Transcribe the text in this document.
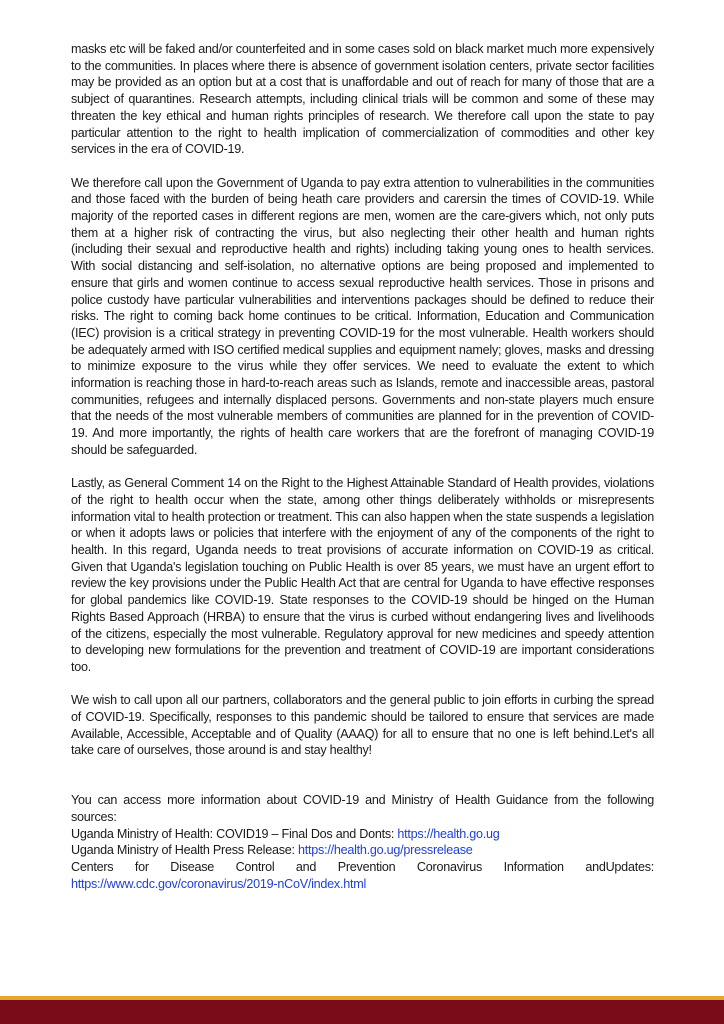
masks etc will be faked and/or counterfeited and in some cases sold on black market much more expensively to the communities. In places where there is absence of government isolation centers, private sector facilities may be provided as an option but at a cost that is unaffordable and out of reach for many of those that are a subject of quarantines. Research attempts, including clinical trials will be common and some of these may threaten the key ethical and human rights principles of research. We therefore call upon the state to pay particular attention to the right to health implication of commercialization of commodities and other key services in the era of COVID-19.

We therefore call upon the Government of Uganda to pay extra attention to vulnerabilities in the communities and those faced with the burden of being heath care providers and carersin the times of COVID-19. While majority of the reported cases in different regions are men, women are the care-givers which, not only puts them at a higher risk of contracting the virus, but also neglecting their other health and human rights (including their sexual and reproductive health and rights) including taking young ones to health services. With social distancing and self-isolation, no alternative options are being proposed and implemented to ensure that girls and women continue to access sexual reproductive health services. Those in prisons and police custody have particular vulnerabilities and interventions packages should be defined to reduce their risks. The right to coming back home continues to be critical. Information, Education and Communication (IEC) provision is a critical strategy in preventing COVID-19 for the most vulnerable. Health workers should be adequately armed with ISO certified medical supplies and equipment namely; gloves, masks and dressing to minimize exposure to the virus while they offer services. We need to evaluate the extent to which information is reaching those in hard-to-reach areas such as Islands, remote and inaccessible areas, pastoral communities, refugees and internally displaced persons. Governments and non-state players much ensure that the needs of the most vulnerable members of communities are planned for in the prevention of COVID-19. And more importantly, the rights of health care workers that are the forefront of managing COVID-19 should be safeguarded.

Lastly, as General Comment 14 on the Right to the Highest Attainable Standard of Health provides, violations of the right to health occur when the state, among other things deliberately withholds or misrepresents information vital to health protection or treatment. This can also happen when the state suspends a legislation or when it adopts laws or policies that interfere with the enjoyment of any of the components of the right to health. In this regard, Uganda needs to treat provisions of accurate information on COVID-19 as critical. Given that Uganda's legislation touching on Public Health is over 85 years, we must have an urgent effort to review the key provisions under the Public Health Act that are central for Uganda to have effective responses for global pandemics like COVID-19. State responses to the COVID-19 should be hinged on the Human Rights Based Approach (HRBA) to ensure that the virus is curbed without endangering lives and livelihoods of the citizens, especially the most vulnerable. Regulatory approval for new medicines and speedy attention to developing new formulations for the prevention and treatment of COVID-19 are important considerations too.

We wish to call upon all our partners, collaborators and the general public to join efforts in curbing the spread of COVID-19. Specifically, responses to this pandemic should be tailored to ensure that services are made Available, Accessible, Acceptable and of Quality (AAAQ) for all to ensure that no one is left behind.Let's all take care of ourselves, those around is and stay healthy!

You can access more information about COVID-19 and Ministry of Health Guidance from the following sources:
Uganda Ministry of Health: COVID19 – Final Dos and Donts: https://health.go.ug
Uganda Ministry of Health Press Release: https://health.go.ug/pressrelease
Centers for Disease Control and Prevention Coronavirus Information andUpdates: https://www.cdc.gov/coronavirus/2019-nCoV/index.html
